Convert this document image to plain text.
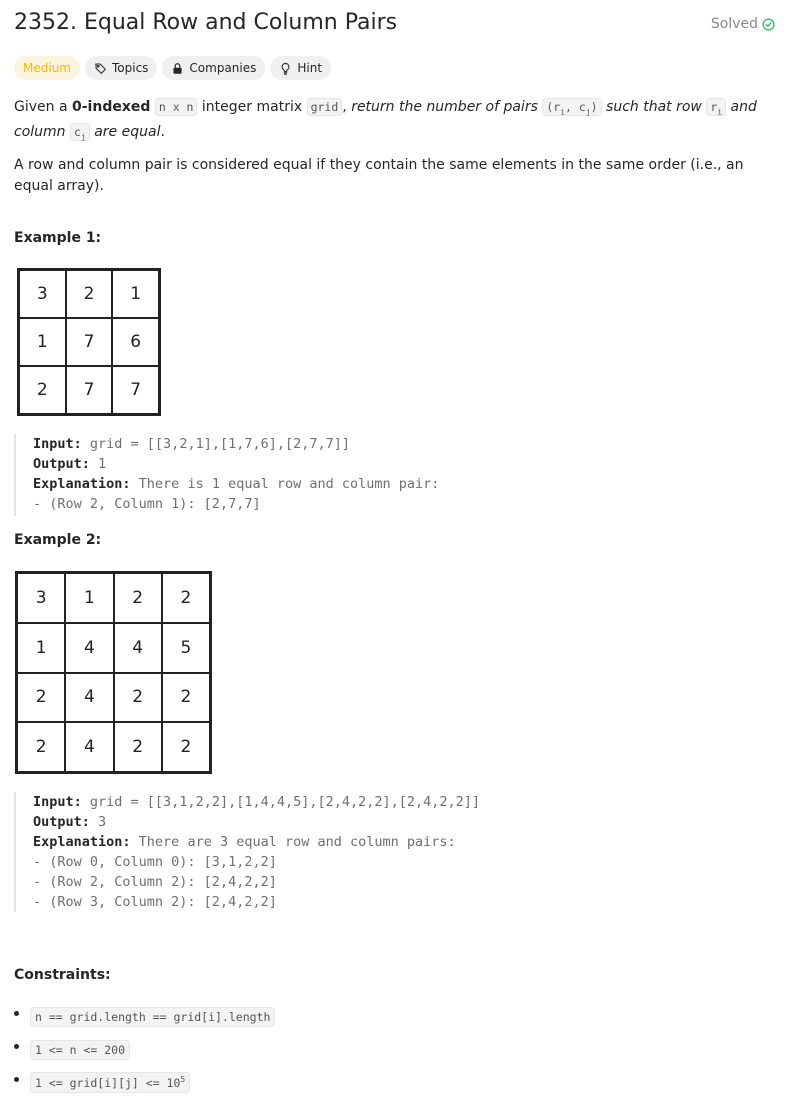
2352. Equal Row and Column Pairs	Solved
Medium	Topics	Companies	Hint
Given a 0-indexed n x n integer matrix grid , return the number of pairs ($r_i$, $c_j$) such that row $r_i$ and column $c_j$ are equal.
A row and column pair is considered equal if they contain the same elements in the same order (i.e., an equal array).
Example 1:
3	2	1
1	7	6
2	7	7
Input: grid = [[3,2,1],[1,7,6],[2,7,7]]
Output: 1
Explanation: There is 1 equal row and column pair:
- (Row 2, Column 1): [2,7,7]
Example 2:
3	1	2	2
1	4	4	5
2	4	2	2
2	4	2	2
Input: grid = [[3,1,2,2],[1,4,4,5],[2,4,2,2],[2,4,2,2]]
Output: 3
Explanation: There are 3 equal row and column pairs:
- (Row 0, Column 0): [3,1,2,2]
- (Row 2, Column 2): [2,4,2,2]
- (Row 3, Column 2): [2,4,2,2]
Constraints:
n == grid.length == grid[i].length
1 <= n <= 200
1 <= grid[i][j] <= $10^5$
